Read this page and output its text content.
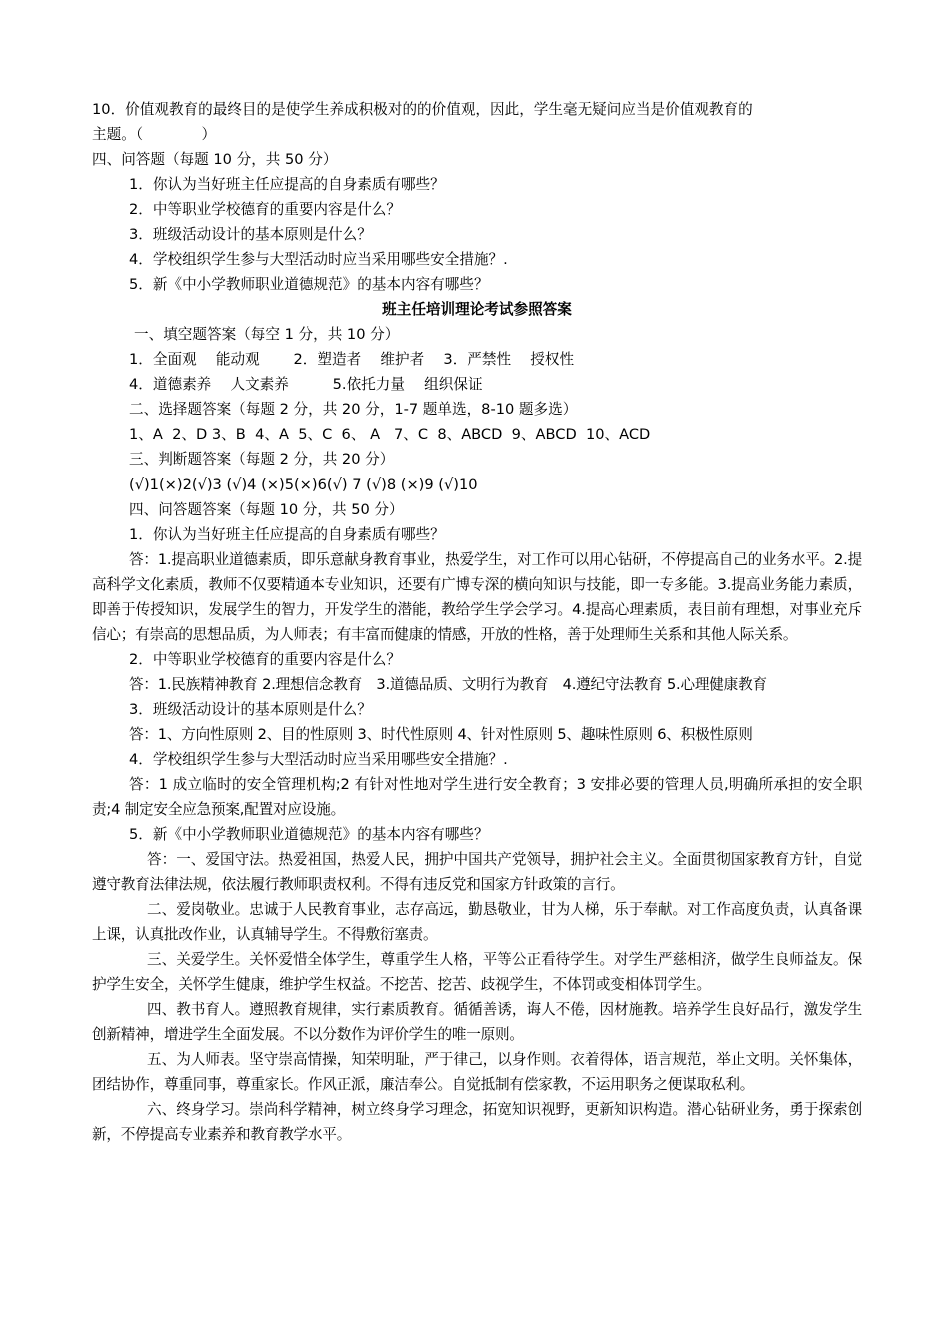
10．价值观教育的最终目的是使学生养成积极对的的价值观，因此，学生毫无疑问应当是价值观教育的

主题。（　　　　）

四、问答题（每题 10 分，共 50 分）

1．你认为当好班主任应提高的自身素质有哪些？

2．中等职业学校德育的重要内容是什么？

3．班级活动设计的基本原则是什么？

4．学校组织学生参与大型活动时应当采用哪些安全措施？.

5．新《中小学教师职业道德规范》的基本内容有哪些？

班主任培训理论考试参照答案

一、填空题答案（每空 1 分，共 10 分）

1．全面观　 能动观　　 2．塑造者　 维护者　 3．严禁性　 授权性

4．道德素养　 人文素养　　　5.依托力量　 组织保证

二、选择题答案（每题 2 分，共 20 分，1-7 题单选，8-10 题多选）

1、A  2、D 3、B  4、A  5、C  6、 A   7、C  8、ABCD  9、ABCD  10、ACD

三、判断题答案（每题 2 分，共 20 分）

(√)1(×)2(√)3 (√)4 (×)5(×)6(√) 7 (√)8 (×)9 (√)10

四、问答题答案（每题 10 分，共 50 分）

1．你认为当好班主任应提高的自身素质有哪些？

答：1.提高职业道德素质，即乐意献身教育事业，热爱学生，对工作可以用心钻研，不停提高自己的业务水平。2.提高科学文化素质，教师不仅要精通本专业知识，还要有广博专深的横向知识与技能，即一专多能。3.提高业务能力素质，即善于传授知识，发展学生的智力，开发学生的潜能，教给学生学会学习。4.提高心理素质，表目前有理想，对事业充斥信心；有崇高的思想品质，为人师表；有丰富而健康的情感，开放的性格，善于处理师生关系和其他人际关系。

2．中等职业学校德育的重要内容是什么？

答：1.民族精神教育 2.理想信念教育　3.道德品质、文明行为教育　4.遵纪守法教育 5.心理健康教育

3．班级活动设计的基本原则是什么？

答：1、方向性原则 2、目的性原则 3、时代性原则 4、针对性原则 5、趣味性原则 6、积极性原则

4．学校组织学生参与大型活动时应当采用哪些安全措施？.

答：1 成立临时的安全管理机构;2 有针对性地对学生进行安全教育；3 安排必要的管理人员,明确所承担的安全职责;4 制定安全应急预案,配置对应设施。

5．新《中小学教师职业道德规范》的基本内容有哪些？

答：一、爱国守法。热爱祖国，热爱人民，拥护中国共产党领导，拥护社会主义。全面贯彻国家教育方针，自觉遵守教育法律法规，依法履行教师职责权利。不得有违反党和国家方针政策的言行。

二、爱岗敬业。忠诚于人民教育事业，志存高远，勤恳敬业，甘为人梯，乐于奉献。对工作高度负责，认真备课上课，认真批改作业，认真辅导学生。不得敷衍塞责。

三、关爱学生。关怀爱惜全体学生，尊重学生人格，平等公正看待学生。对学生严慈相济，做学生良师益友。保护学生安全，关怀学生健康，维护学生权益。不挖苦、挖苦、歧视学生，不体罚或变相体罚学生。

四、教书育人。遵照教育规律，实行素质教育。循循善诱，诲人不倦，因材施教。培养学生良好品行，激发学生创新精神，增进学生全面发展。不以分数作为评价学生的唯一原则。

五、为人师表。坚守崇高情操，知荣明耻，严于律己，以身作则。衣着得体，语言规范，举止文明。关怀集体，团结协作，尊重同事，尊重家长。作风正派，廉洁奉公。自觉抵制有偿家教，不运用职务之便谋取私利。

六、终身学习。崇尚科学精神，树立终身学习理念，拓宽知识视野，更新知识构造。潜心钻研业务，勇于探索创新，不停提高专业素养和教育教学水平。
